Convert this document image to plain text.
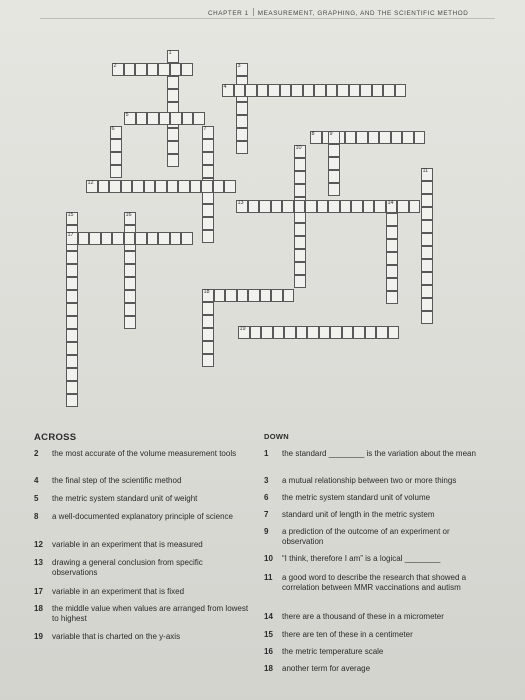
CHAPTER 1 MEASUREMENT, GRAPHING, AND THE SCIENTIFIC METHOD
1
2	3
4
5
6	7
8	9
10
11
12
13	14
15	16
17
18
19
ACROSS
2	the most accurate of the volume measurement tools
4	the final step of the scientific method
5	the metric system standard unit of weight
8	a well-documented explanatory principle of science
12	variable in an experiment that is measured
13	drawing a general conclusion from specific observations
17	variable in an experiment that is fixed
18	the middle value when values are arranged from lowest to highest
19	variable that is charted on the y-axis
DOWN
1	the standard ________ is the variation about the mean
3	a mutual relationship between two or more things
6	the metric system standard unit of volume
7	standard unit of length in the metric system
9	a prediction of the outcome of an experiment or observation
10	“I think, therefore I am” is a logical ________
11	a good word to describe the research that showed a correlation between MMR vaccinations and autism
14	there are a thousand of these in a micrometer
15	there are ten of these in a centimeter
16	the metric temperature scale
18	another term for average
